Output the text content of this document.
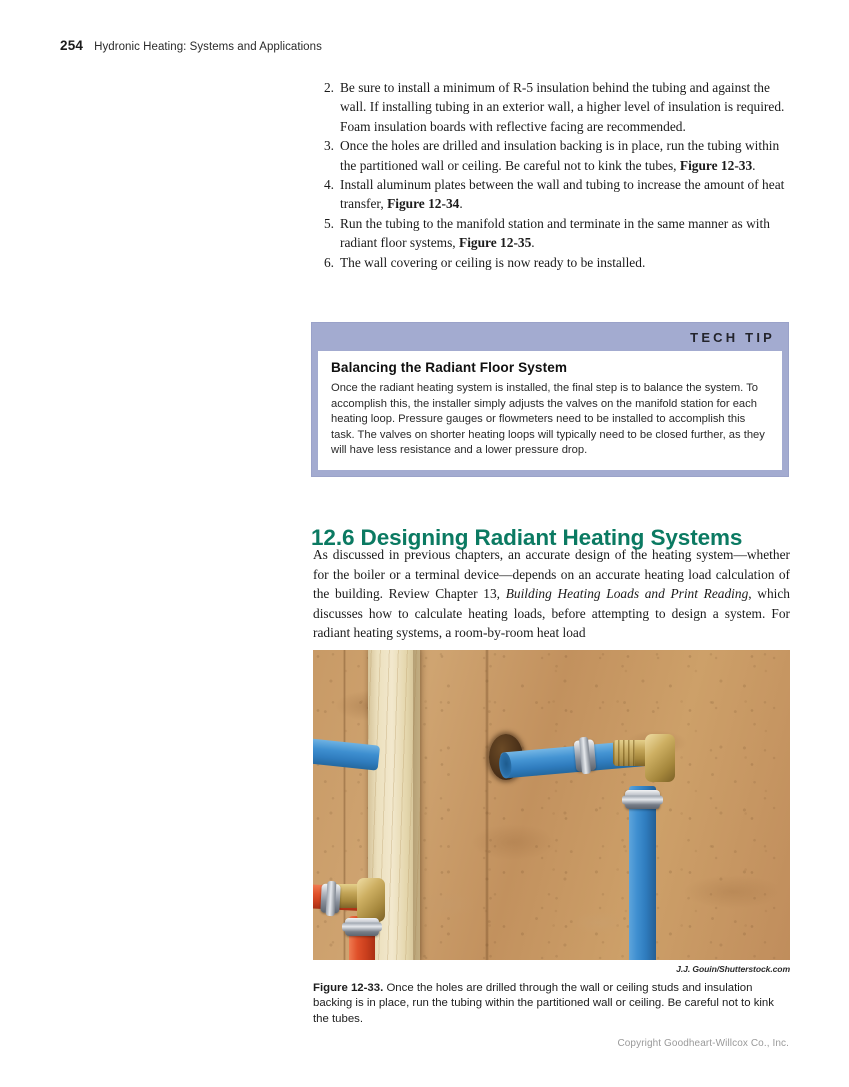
254 Hydronic Heating: Systems and Applications
2. Be sure to install a minimum of R-5 insulation behind the tubing and against the wall. If installing tubing in an exterior wall, a higher level of insulation is required. Foam insulation boards with reflective facing are recommended.
3. Once the holes are drilled and insulation backing is in place, run the tubing within the partitioned wall or ceiling. Be careful not to kink the tubes, Figure 12-33.
4. Install aluminum plates between the wall and tubing to increase the amount of heat transfer, Figure 12-34.
5. Run the tubing to the manifold station and terminate in the same manner as with radiant floor systems, Figure 12-35.
6. The wall covering or ceiling is now ready to be installed.
TECH TIP
Balancing the Radiant Floor System

Once the radiant heating system is installed, the final step is to balance the system. To accomplish this, the installer simply adjusts the valves on the manifold station for each heating loop. Pressure gauges or flowmeters need to be installed to accomplish this task. The valves on shorter heating loops will typically need to be closed further, as they will have less resistance and a lower pressure drop.

12.6 Designing Radiant Heating Systems

As discussed in previous chapters, an accurate design of the heating system—whether for the boiler or a terminal device—depends on an accurate heating load calculation of the building. Review Chapter 13, Building Heating Loads and Print Reading, which discusses how to calculate heating loads, before attempting to design a system. For radiant heating systems, a room-by-room heat load

J.J. Gouin/Shutterstock.com
Figure 12-33. Once the holes are drilled through the wall or ceiling studs and insulation backing is in place, run the tubing within the partitioned wall or ceiling. Be careful not to kink the tubes.
Copyright Goodheart-Willcox Co., Inc.
